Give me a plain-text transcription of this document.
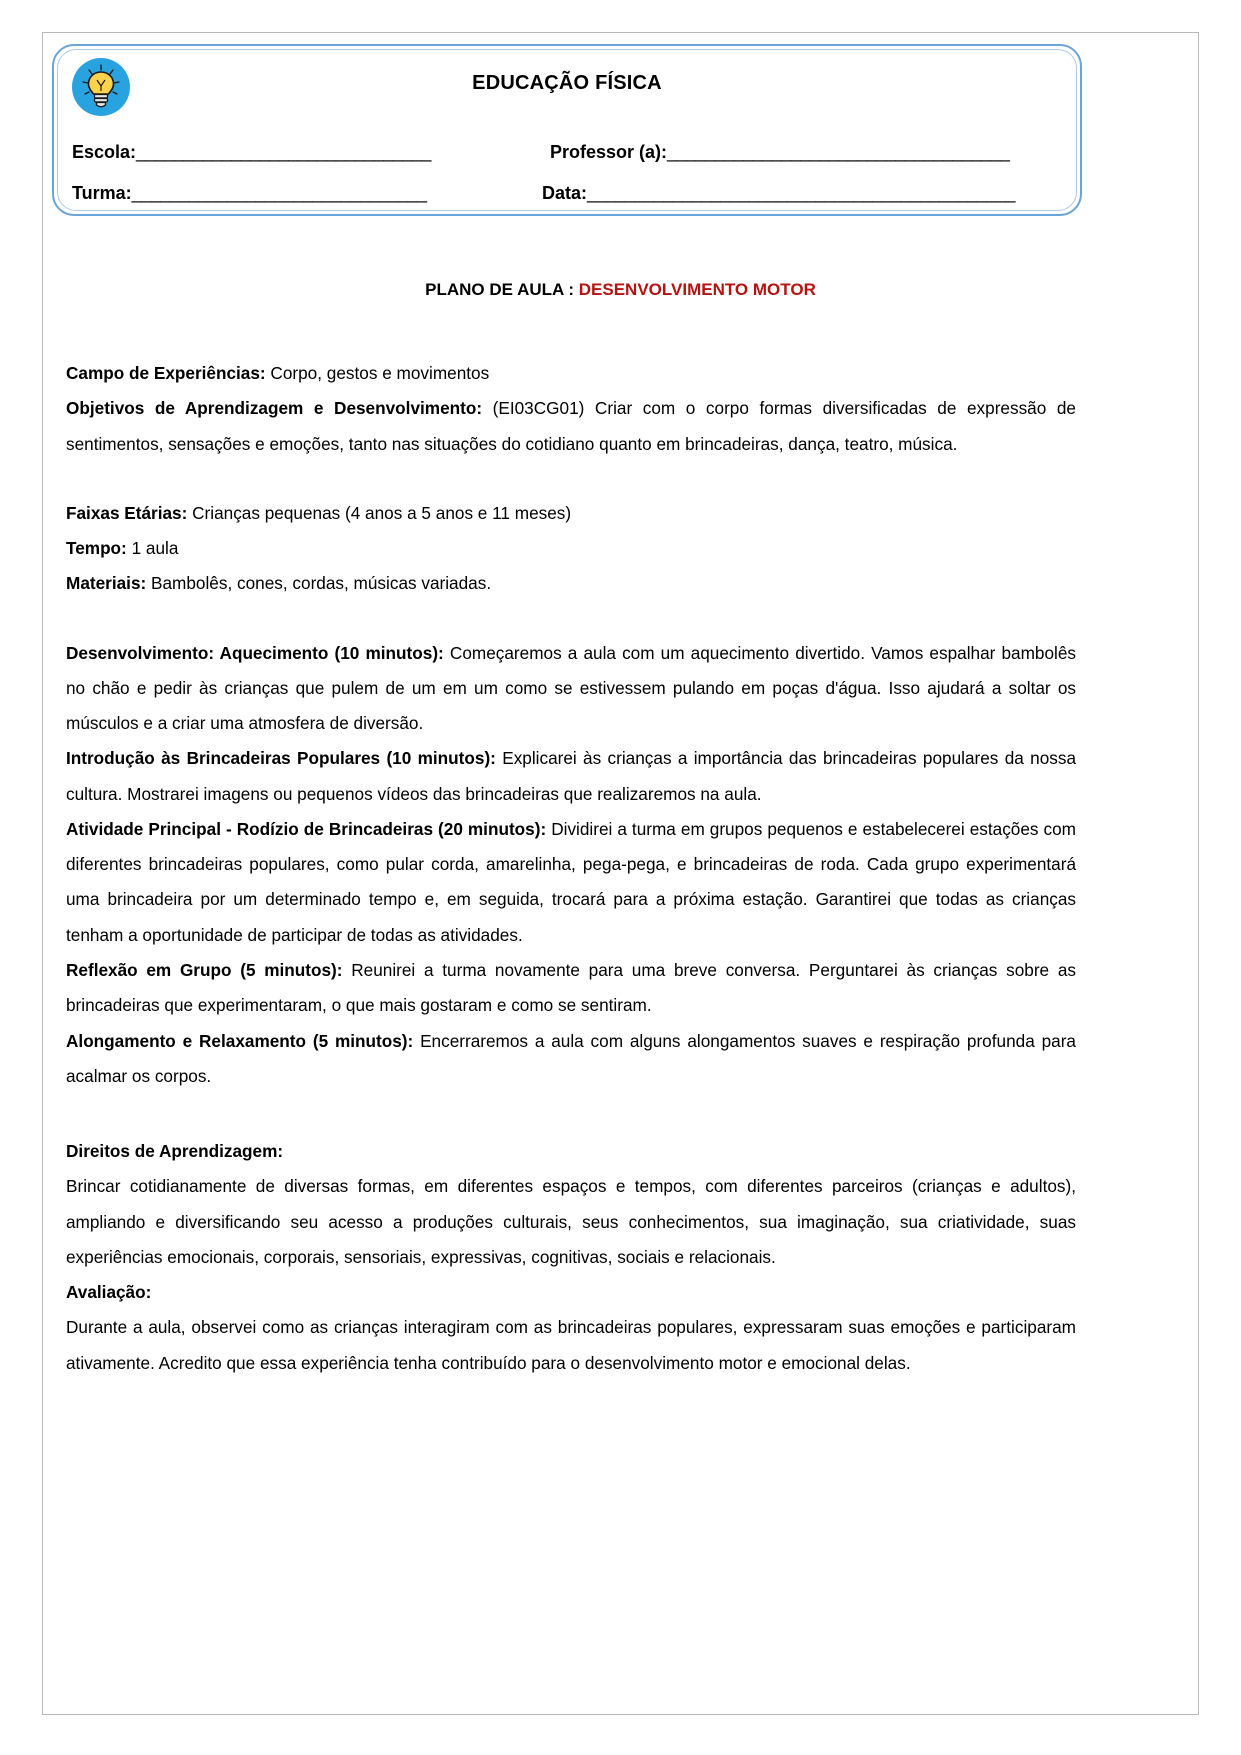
EDUCAÇÃO FÍSICA
Escola:_______________________________	Professor (a):____________________________________
Turma:_______________________________	Data:_____________________________________________
PLANO DE AULA : DESENVOLVIMENTO MOTOR

Campo de Experiências: Corpo, gestos e movimentos

Objetivos de Aprendizagem e Desenvolvimento: (EI03CG01) Criar com o corpo formas diversificadas de expressão de sentimentos, sensações e emoções, tanto nas situações do cotidiano quanto em brincadeiras, dança, teatro, música.

Faixas Etárias: Crianças pequenas (4 anos a 5 anos e 11 meses)

Tempo: 1 aula

Materiais: Bambolês, cones, cordas, músicas variadas.

Desenvolvimento: Aquecimento (10 minutos): Começaremos a aula com um aquecimento divertido. Vamos espalhar bambolês no chão e pedir às crianças que pulem de um em um como se estivessem pulando em poças d'água. Isso ajudará a soltar os músculos e a criar uma atmosfera de diversão.

Introdução às Brincadeiras Populares (10 minutos): Explicarei às crianças a importância das brincadeiras populares da nossa cultura. Mostrarei imagens ou pequenos vídeos das brincadeiras que realizaremos na aula.

Atividade Principal - Rodízio de Brincadeiras (20 minutos): Dividirei a turma em grupos pequenos e estabelecerei estações com diferentes brincadeiras populares, como pular corda, amarelinha, pega-pega, e brincadeiras de roda. Cada grupo experimentará uma brincadeira por um determinado tempo e, em seguida, trocará para a próxima estação. Garantirei que todas as crianças tenham a oportunidade de participar de todas as atividades.

Reflexão em Grupo (5 minutos): Reunirei a turma novamente para uma breve conversa. Perguntarei às crianças sobre as brincadeiras que experimentaram, o que mais gostaram e como se sentiram.

Alongamento e Relaxamento (5 minutos): Encerraremos a aula com alguns alongamentos suaves e respiração profunda para acalmar os corpos.

Direitos de Aprendizagem:

Brincar cotidianamente de diversas formas, em diferentes espaços e tempos, com diferentes parceiros (crianças e adultos), ampliando e diversificando seu acesso a produções culturais, seus conhecimentos, sua imaginação, sua criatividade, suas experiências emocionais, corporais, sensoriais, expressivas, cognitivas, sociais e relacionais.

Avaliação:

Durante a aula, observei como as crianças interagiram com as brincadeiras populares, expressaram suas emoções e participaram ativamente. Acredito que essa experiência tenha contribuído para o desenvolvimento motor e emocional delas.
